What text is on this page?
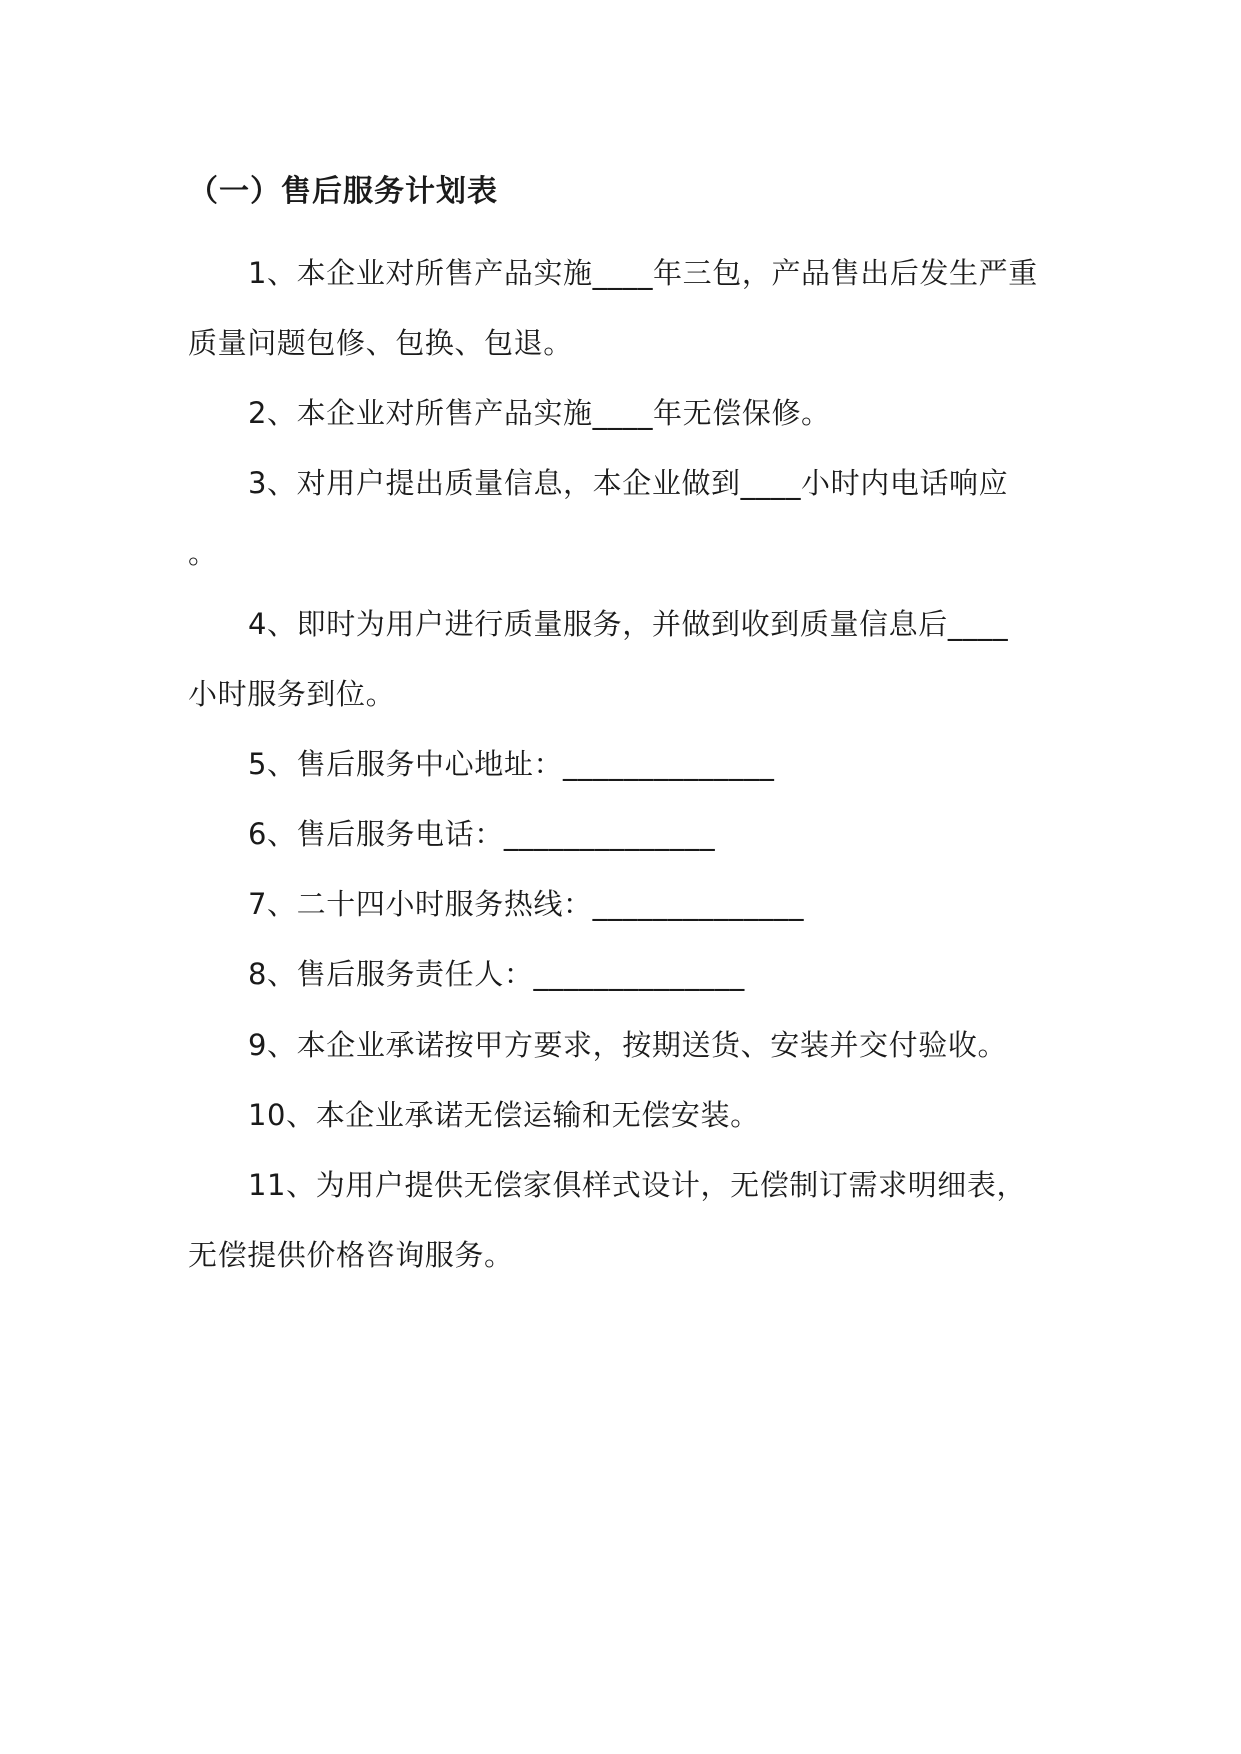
（一）售后服务计划表
1、本企业对所售产品实施____年三包，产品售出后发生严重
质量问题包修、包换、包退。
2、本企业对所售产品实施____年无偿保修。
3、对用户提出质量信息，本企业做到____小时内电话响应
。
4、即时为用户进行质量服务，并做到收到质量信息后____
小时服务到位。
5、售后服务中心地址：______________
6、售后服务电话：______________
7、二十四小时服务热线：______________
8、售后服务责任人：______________
9、本企业承诺按甲方要求，按期送货、安装并交付验收。
10、本企业承诺无偿运输和无偿安装。
11、为用户提供无偿家俱样式设计，无偿制订需求明细表，
无偿提供价格咨询服务。
